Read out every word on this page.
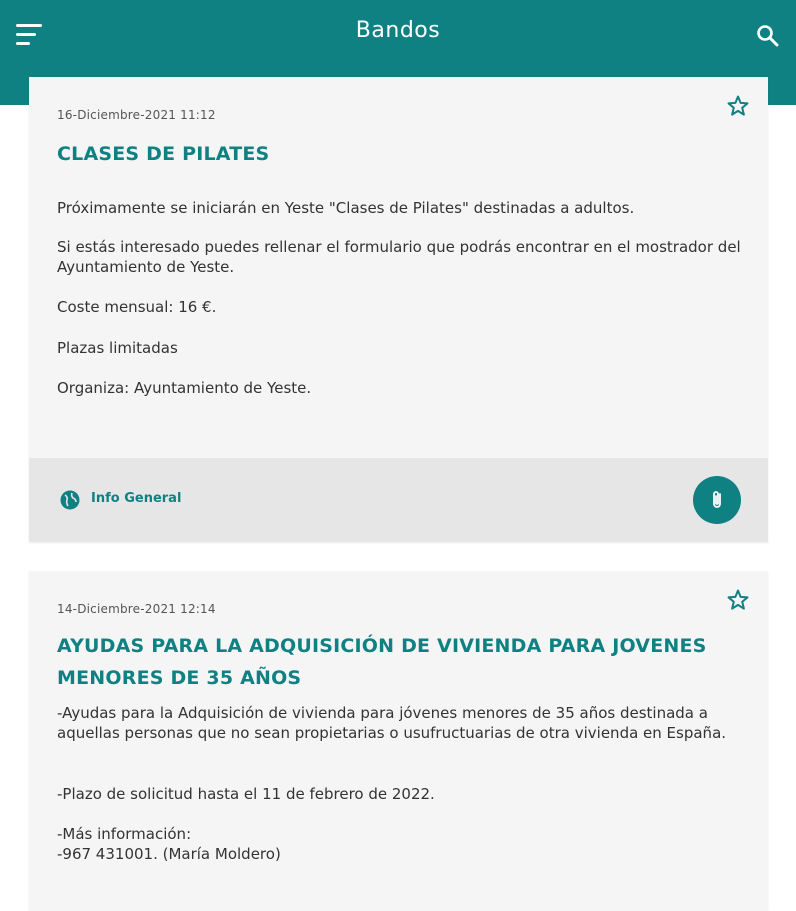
Bandos
16-Diciembre-2021 11:12
CLASES DE PILATES

Próximamente se iniciarán en Yeste "Clases de Pilates" destinadas a adultos.

Si estás interesado puedes rellenar el formulario que podrás encontrar en el mostrador del Ayuntamiento de Yeste.

Coste mensual: 16 €.

Plazas limitadas

Organiza: Ayuntamiento de Yeste.

Info General
14-Diciembre-2021 12:14
AYUDAS PARA LA ADQUISICIÓN DE VIVIENDA PARA JOVENES MENORES DE 35 AÑOS

-Ayudas para la Adquisición de vivienda para jóvenes menores de 35 años destinada a aquellas personas que no sean propietarias o usufructuarias de otra vivienda en España.

-Plazo de solicitud hasta el 11 de febrero de 2022.

-Más información:

-967 431001. (María Moldero)
